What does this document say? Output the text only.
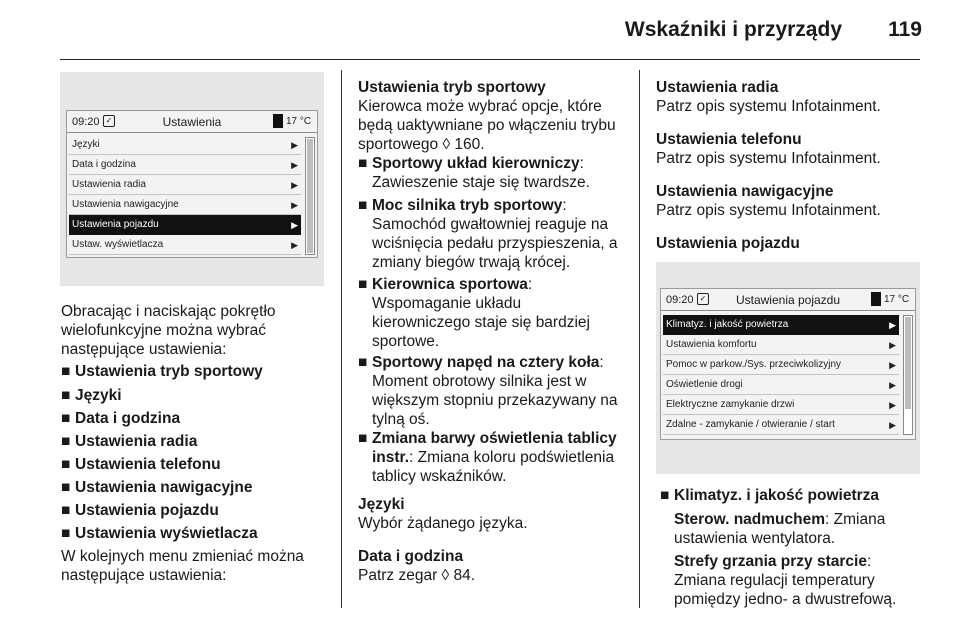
Wskaźniki i przyrządy 119
09:20 ✓	Ustawienia	17 °C
Języki	▶
Data i godzina	▶
Ustawienia radia	▶
Ustawienia nawigacyjne	▶
Ustawienia pojazdu	▶
Ustaw. wyświetlacza	▶
Obracając i naciskając pokrętło wielofunkcyjne można wybrać następujące ustawienia:
■ Ustawienia tryb sportowy
■ Języki
■ Data i godzina
■ Ustawienia radia
■ Ustawienia telefonu
■ Ustawienia nawigacyjne
■ Ustawienia pojazdu
■ Ustawienia wyświetlacza
W kolejnych menu zmieniać można następujące ustawienia:
Ustawienia tryb sportowy
Kierowca może wybrać opcje, które będą uaktywniane po włączeniu trybu sportowego ◊ 160.
■ Sportowy układ kierowniczy:
Zawieszenie staje się twardsze.
■ Moc silnika tryb sportowy:
Samochód gwałtowniej reaguje na wciśnięcia pedału przyspieszenia, a zmiany biegów trwają krócej.
■ Kierownica sportowa:
Wspomaganie układu kierowniczego staje się bardziej sportowe.
■ Sportowy napęd na cztery koła:
Moment obrotowy silnika jest w większym stopniu przekazywany na tylną oś.
■ Zmiana barwy oświetlenia tablicy
instr.: Zmiana koloru podświetlenia
tablicy wskaźników.
Języki
Wybór żądanego języka.
Data i godzina
Patrz zegar ◊ 84.
Ustawienia radia
Patrz opis systemu Infotainment.
Ustawienia telefonu
Patrz opis systemu Infotainment.
Ustawienia nawigacyjne
Patrz opis systemu Infotainment.
Ustawienia pojazdu
09:20 ✓	Ustawienia pojazdu	17 °C
Klimatyz. i jakość powietrza	▶
Ustawienia komfortu	▶
Pomoc w parkow./Sys. przeciwkolizyjny	▶
Oświetlenie drogi	▶
Elektryczne zamykanie drzwi	▶
Zdalne - zamykanie / otwieranie / start	▶
■ Klimatyz. i jakość powietrza
Sterow. nadmuchem: Zmiana ustawienia wentylatora.
Strefy grzania przy starcie: Zmiana regulacji temperatury pomiędzy jedno- a dwustrefową.
